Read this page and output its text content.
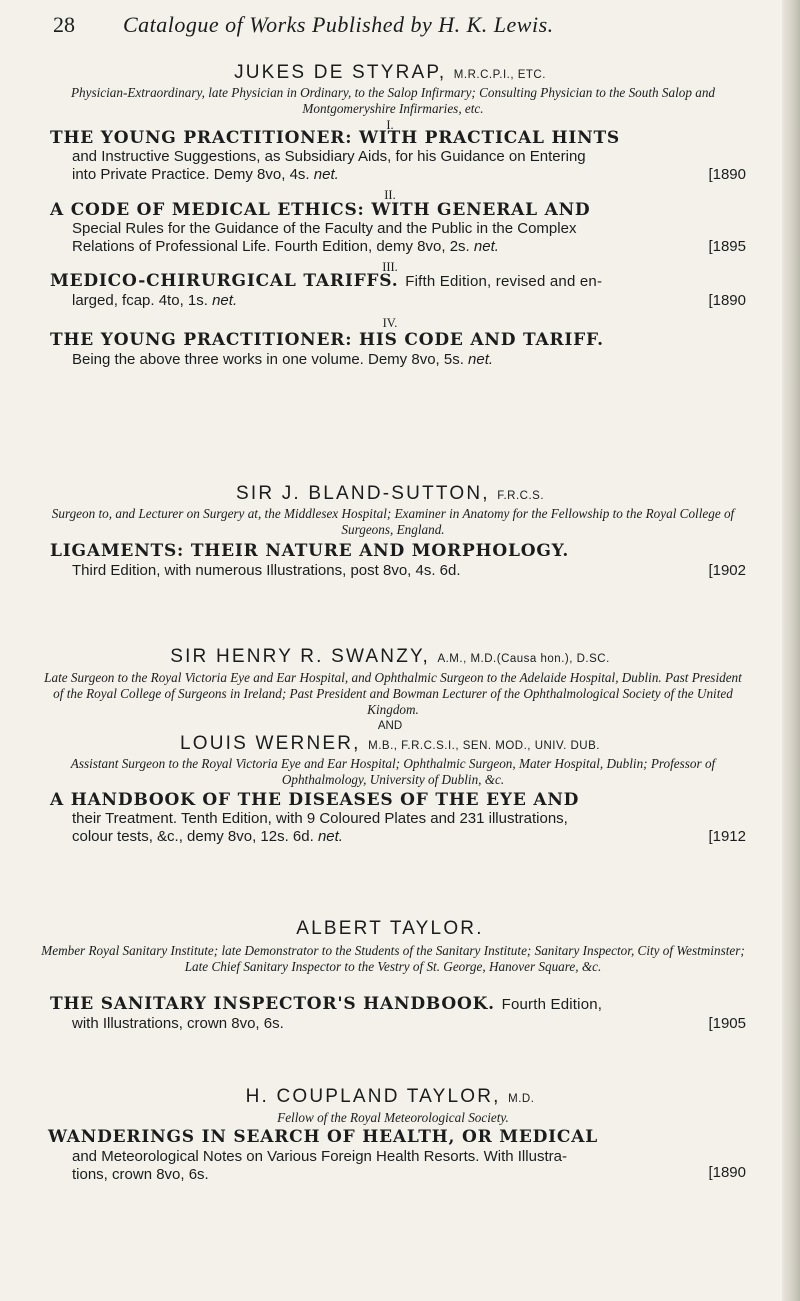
28 Catalogue of Works Published by H. K. Lewis.
JUKES DE STYRAP, M.R.C.P.I., ETC.
Physician-Extraordinary, late Physician in Ordinary, to the Salop Infirmary; Consulting Physician to the South Salop and Montgomeryshire Infirmaries, etc.
I.
THE YOUNG PRACTITIONER: WITH PRACTICAL HINTS

and Instructive Suggestions, as Subsidiary Aids, for his Guidance on Entering

into Private Practice. Demy 8vo, 4s. net.	[1890
II.
A CODE OF MEDICAL ETHICS: WITH GENERAL AND

Special Rules for the Guidance of the Faculty and the Public in the Complex

Relations of Professional Life. Fourth Edition, demy 8vo, 2s. net.	[1895
III.
MEDICO-CHIRURGICAL TARIFFS. Fifth Edition, revised and en-

larged, fcap. 4to, 1s. net.	[1890
IV.
THE YOUNG PRACTITIONER: HIS CODE AND TARIFF.

Being the above three works in one volume. Demy 8vo, 5s. net.

SIR J. BLAND-SUTTON, F.R.C.S.
Surgeon to, and Lecturer on Surgery at, the Middlesex Hospital; Examiner in Anatomy for the Fellowship to the Royal College of Surgeons, England.
LIGAMENTS: THEIR NATURE AND MORPHOLOGY.

Third Edition, with numerous Illustrations, post 8vo, 4s. 6d.	[1902
SIR HENRY R. SWANZY, A.M., M.D.(Causa hon.), D.SC.
Late Surgeon to the Royal Victoria Eye and Ear Hospital, and Ophthalmic Surgeon to the Adelaide Hospital, Dublin. Past President of the Royal College of Surgeons in Ireland; Past President and Bowman Lecturer of the Ophthalmological Society of the United Kingdom.
AND
LOUIS WERNER, M.B., F.R.C.S.I., SEN. MOD., UNIV. DUB.
Assistant Surgeon to the Royal Victoria Eye and Ear Hospital; Ophthalmic Surgeon, Mater Hospital, Dublin; Professor of Ophthalmology, University of Dublin, &c.
A HANDBOOK OF THE DISEASES OF THE EYE AND

their Treatment. Tenth Edition, with 9 Coloured Plates and 231 illustrations,

colour tests, &c., demy 8vo, 12s. 6d. net.	[1912
ALBERT TAYLOR.
Member Royal Sanitary Institute; late Demonstrator to the Students of the Sanitary Institute; Sanitary Inspector, City of Westminster; Late Chief Sanitary Inspector to the Vestry of St. George, Hanover Square, &c.
THE SANITARY INSPECTOR'S HANDBOOK. Fourth Edition,

with Illustrations, crown 8vo, 6s.	[1905
H. COUPLAND TAYLOR, M.D.
Fellow of the Royal Meteorological Society.
WANDERINGS IN SEARCH OF HEALTH, OR MEDICAL

and Meteorological Notes on Various Foreign Health Resorts. With Illustra-

tions, crown 8vo, 6s.	[1890
